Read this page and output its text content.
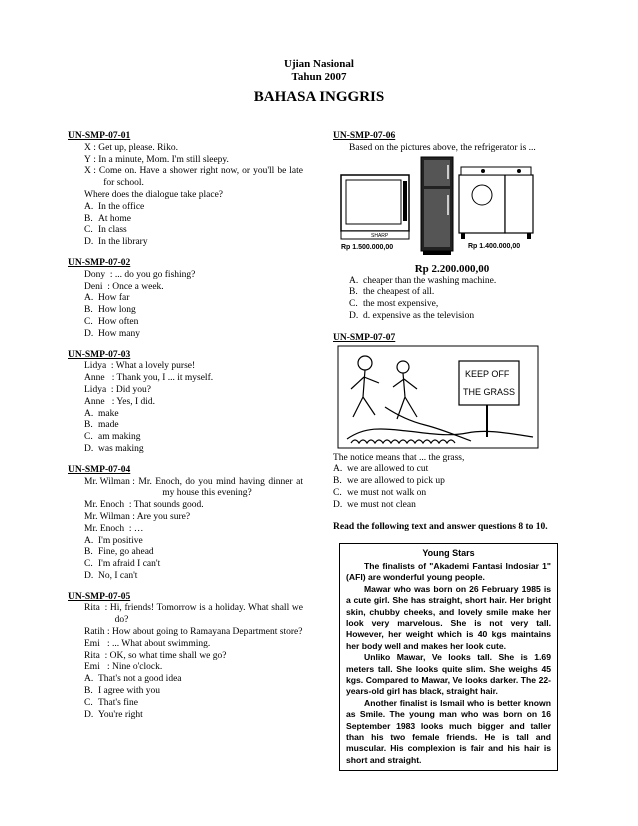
Ujian Nasional
Tahun 2007
BAHASA INGGRIS
UN-SMP-07-01
X
: Get up, please. Riko.
Y
: In a minute, Mom. I'm still sleepy.
X
: Come on. Have a shower right now, or you'll be late for school.
Where does the dialogue take place?
A. In the office
B. At home
C. In class
D. In the library
UN-SMP-07-02
Dony : ... do you go fishing?
Deni : Once a week.
A. How far
B. How long
C. How often
D. How many
UN-SMP-07-03
Lidya : What a lovely purse!
Anne : Thank you, I ... it myself.
Lidya : Did you?
Anne : Yes, I did.
A. make
B. made
C. am making
D. was making
UN-SMP-07-04
Mr. Wilman : Mr. Enoch, do you mind having dinner at my house this evening?
Mr. Enoch : That sounds good.
Mr. Wilman : Are you sure?
Mr. Enoch : …
A. I'm positive
B. Fine, go ahead
C. I'm afraid I can't
D. No, I can't
UN-SMP-07-05
Rita : Hi, friends! Tomorrow is a holiday. What shall we do?
Ratih : How about going to Ramayana Department store?
Emi : ... What about swimming.
Rita : OK, so what time shall we go?
Emi : Nine o'clock.
A. That's not a good idea
B. I agree with you
C. That's fine
D. You're right
UN-SMP-07-06
Based on the pictures above, the refrigerator is ...
SHARP
Rp 1.500.000,00	Rp 1.400.000,00
Rp 2.200.000,00
A. cheaper than the washing machine.
B. the cheapest of all.
C. the most expensive,
D. d. expensive as the television
UN-SMP-07-07
KEEP OFF
THE GRASS
The notice means that ... the grass,
A. we are allowed to cut
B. we are allowed to pick up
C. we must not walk on
D. we must not clean
Read the following text and answer questions 8 to 10.
Young Stars
The finalists of "Akademi Fantasi Indosiar 1" (AFI) are wonderful young people.
Mawar who was born on 26 February 1985 is a cute girl. She has straight, short hair. Her bright skin, chubby cheeks, and lovely smile make her look very marvelous. She is not very tall. However, her weight which is 40 kgs maintains her body well and makes her look cute.
Unliko Mawar, Ve looks tall. She is 1.69 meters tall. She looks quite slim. She weighs 45 kgs. Compared to Mawar, Ve looks darker. The 22-years-old girl has black, straight hair.
Another finalist is Ismail who is better known as Smile. The young man who was born on 16 September 1983 looks much bigger and taller than his two female friends. He is tall and muscular. His complexion is fair and his hair is short and straight.
